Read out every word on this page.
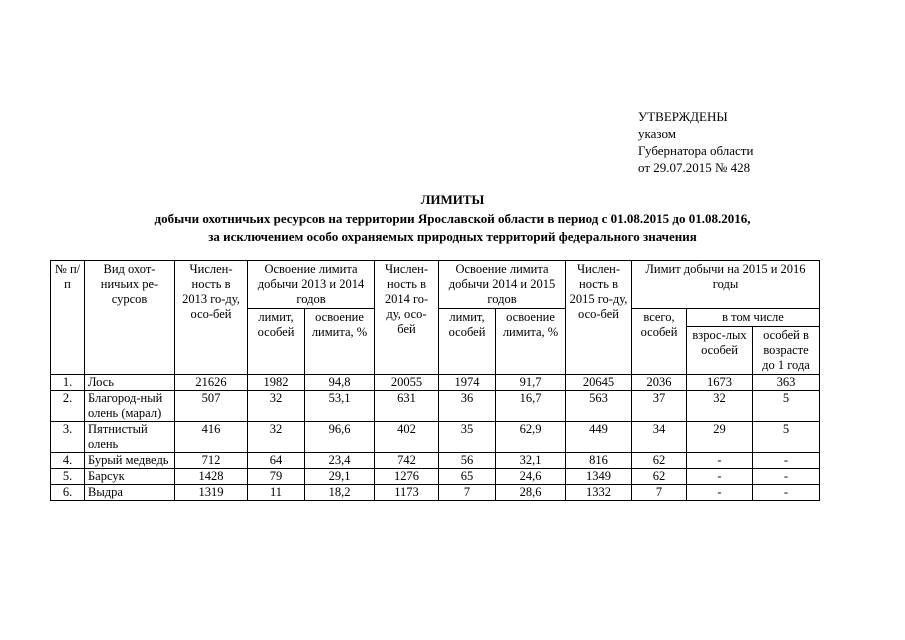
УТВЕРЖДЕНЫ
указом
Губернатора области
от 29.07.2015 № 428
ЛИМИТЫ
добычи охотничьих ресурсов на территории Ярославской области в период с 01.08.2015 до 01.08.2016,
за исключением особо охраняемых природных территорий федерального значения
№ п/п	Вид охот-ничьих ре-сурсов	Числен-ность в 2013 го-ду, осо-бей	Освоение лимита добычи 2013 и 2014 годов		Числен-ность в 2014 го-ду, осо-бей	Освоение лимита добычи 2014 и 2015 годов		Числен-ность в 2015 го-ду, осо-бей	Лимит добычи на 2015 и 2016 годы		
			лимит, особей	освоение лимита, %		лимит, особей	освоение лимита, %		всего, особей	в том числе	
										взрос-лых особей	особей в возрасте до 1 года
1.	Лось	21626	1982	94,8	20055	1974	91,7	20645	2036	1673	363
2.	Благород-ный олень (марал)	507	32	53,1	631	36	16,7	563	37	32	5
3.	Пятнистый олень	416	32	96,6	402	35	62,9	449	34	29	5
4.	Бурый медведь	712	64	23,4	742	56	32,1	816	62	-	-
5.	Барсук	1428	79	29,1	1276	65	24,6	1349	62	-	-
6.	Выдра	1319	11	18,2	1173	7	28,6	1332	7	-	-
